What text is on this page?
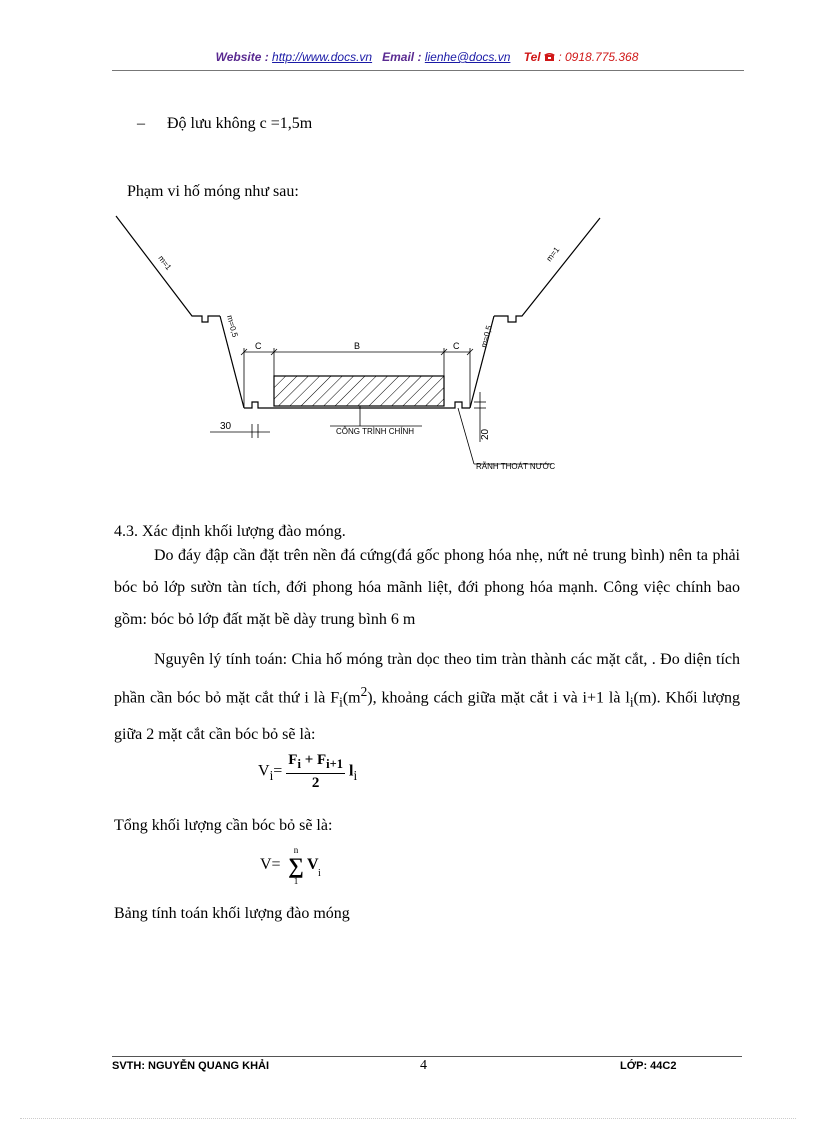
Website : http://www.docs.vn Email : lienhe@docs.vn Tel : 0918.775.368
– Độ lưu không c =1,5m
Phạm vi hố móng như sau:
C	B	C
30
20
CÔNG TRÌNH CHÍNH
RÃNH THOÁT NƯỚC
m=1	m=1
m=0,5	m=0,5
4.3. Xác định khối lượng đào móng.
Do đáy đập cần đặt trên nền đá cứng(đá gốc phong hóa nhẹ, nứt nẻ trung bình) nên ta phải bóc bỏ lớp sườn tàn tích, đới phong hóa mãnh liệt, đới phong hóa mạnh. Công việc chính bao gồm: bóc bỏ lớp đất mặt bề dày trung bình 6 m
Nguyên lý tính toán: Chia hố móng tràn dọc theo tim tràn thành các mặt cắt, . Đo diện tích phần cần bóc bỏ mặt cắt thứ i là $F_i(m^2)$, khoảng cách giữa mặt cắt i và i+1 là $l_i(m)$. Khối lượng giữa 2 mặt cắt cần bóc bỏ sẽ là:
$V_i= \frac{F_i + F_{i+1}}{2} l_i$
Tổng khối lượng cần bóc bỏ sẽ là:
V=
n
∑
1
V
i
Bảng tính toán khối lượng đào móng
SVTH: NGUYỄN QUANG KHẢI	4	LỚP: 44C2
